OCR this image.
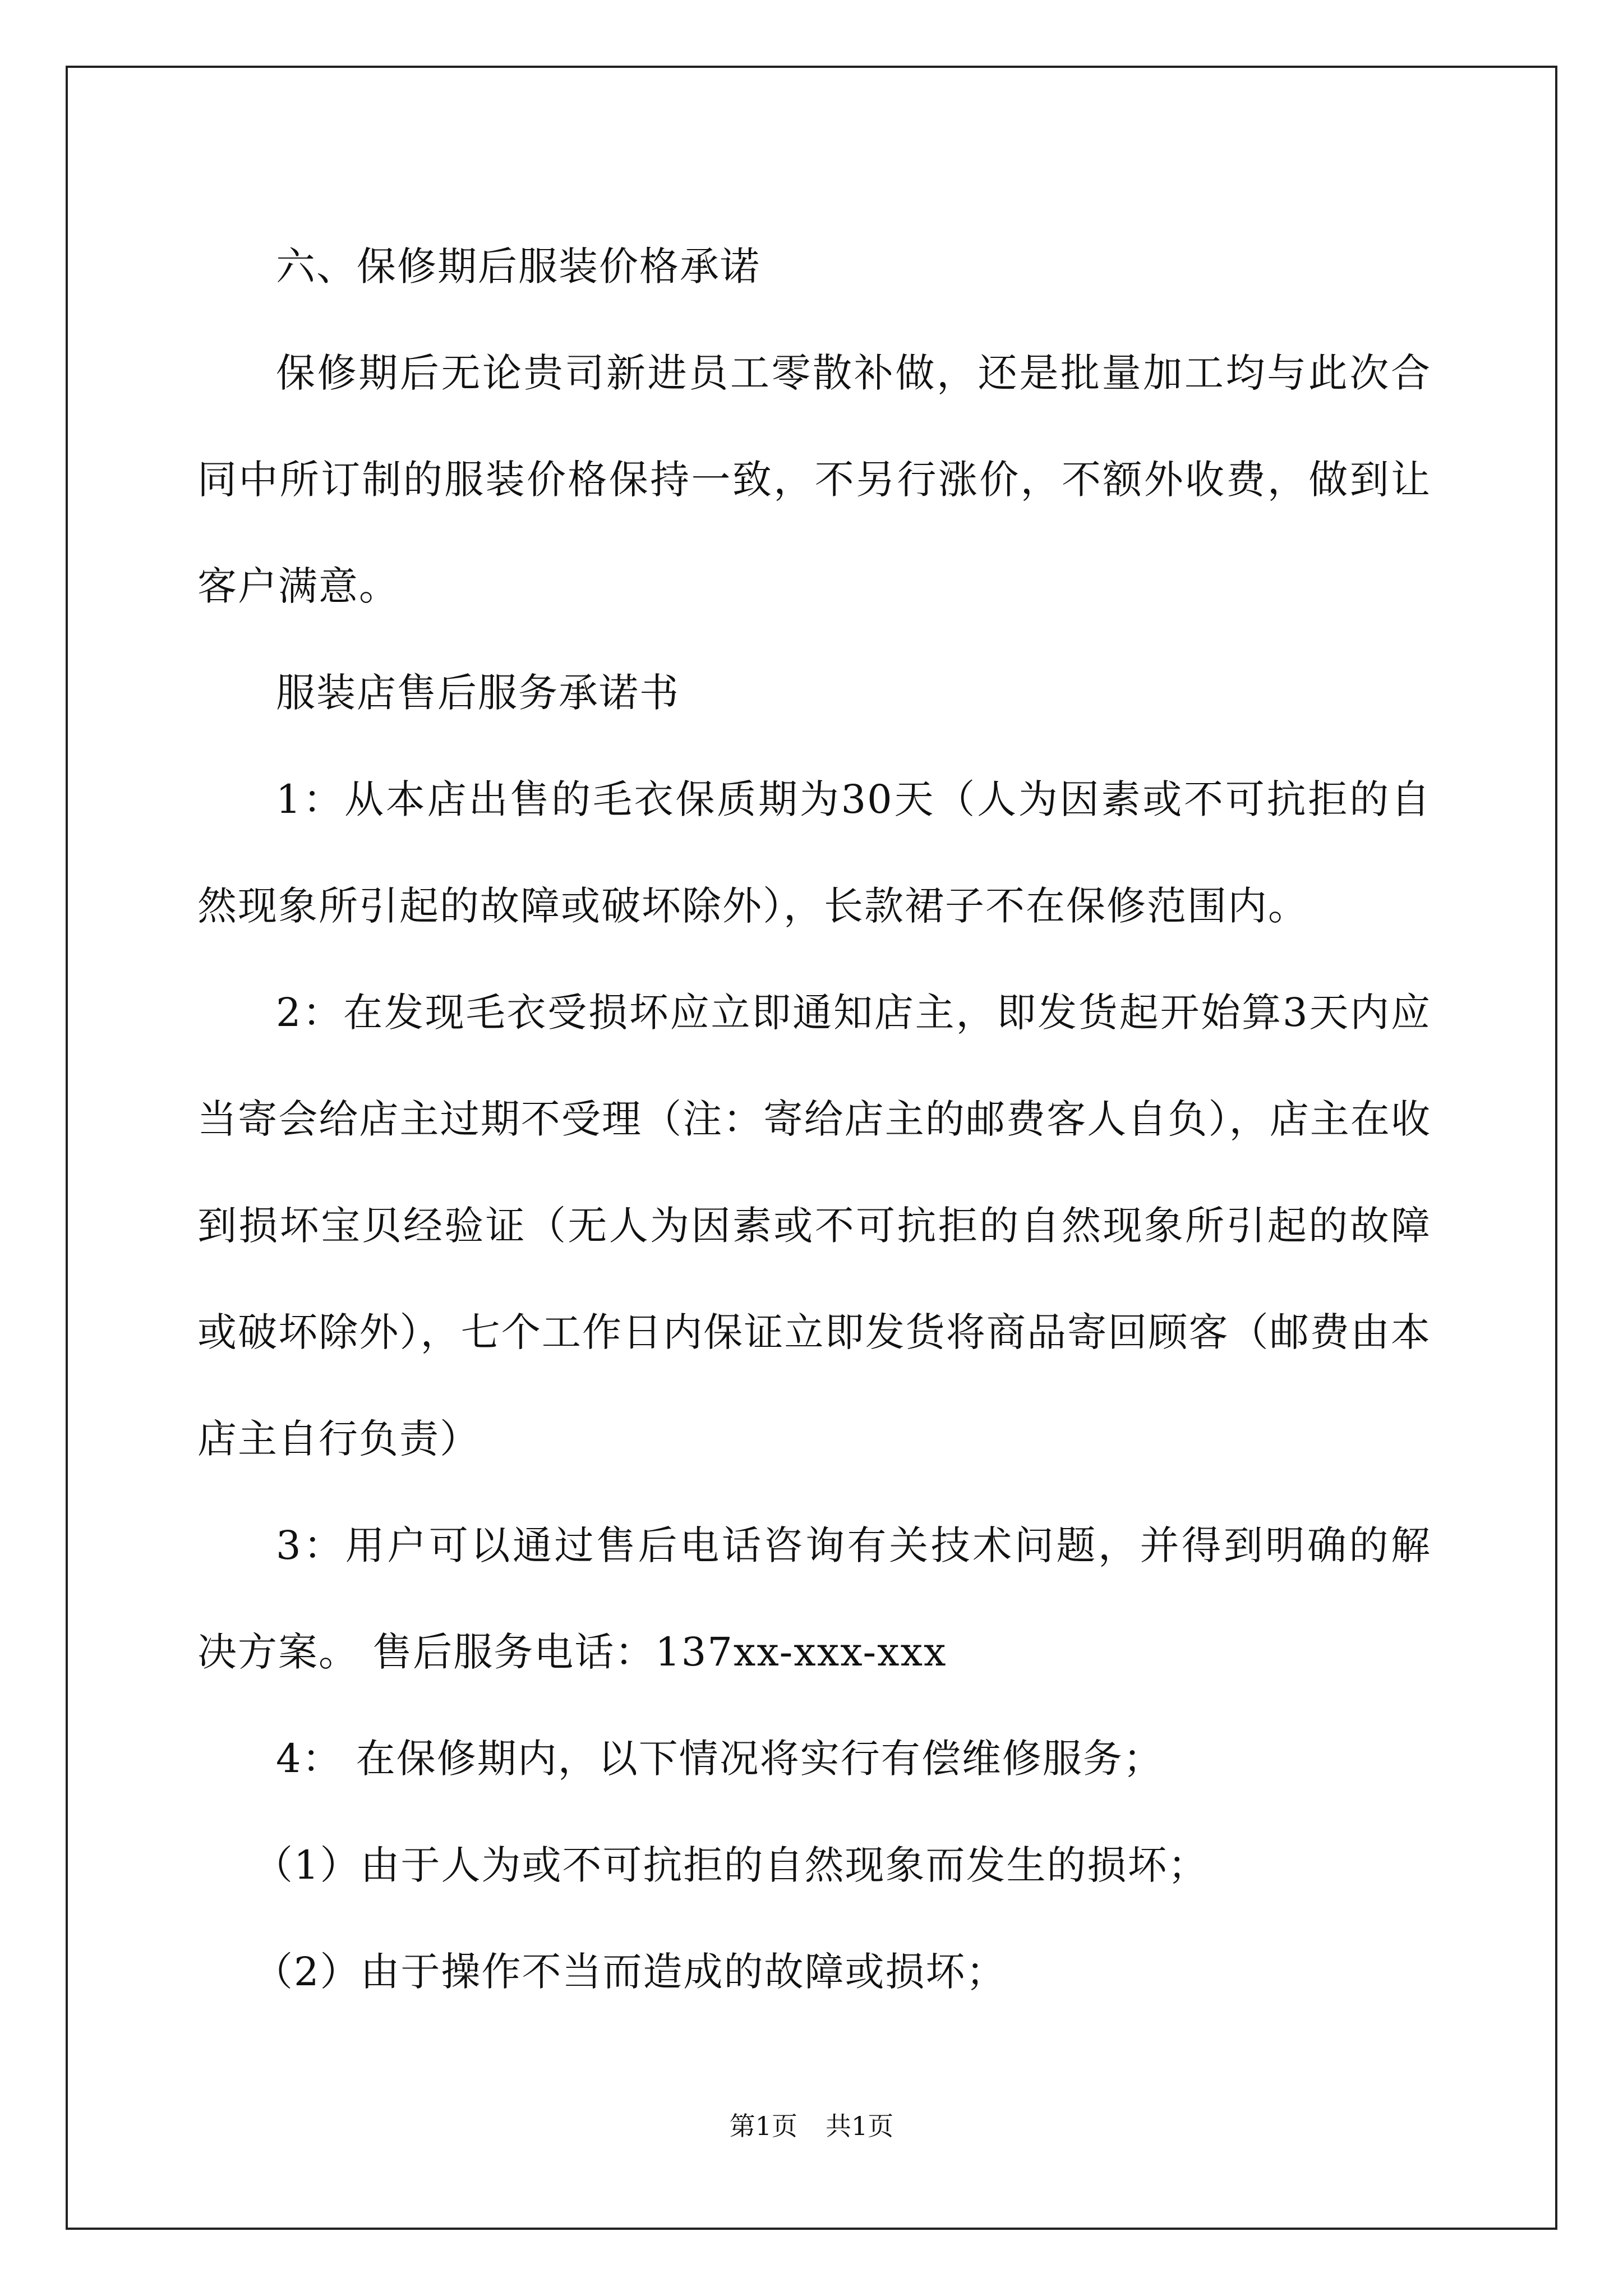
六、保修期后服装价格承诺

保修期后无论贵司新进员工零散补做，还是批量加工均与此次合同中所订制的服装价格保持一致，不另行涨价，不额外收费，做到让客户满意。

服装店售后服务承诺书

1：从本店出售的毛衣保质期为30天（人为因素或不可抗拒的自然现象所引起的故障或破坏除外），长款裙子不在保修范围内。

2：在发现毛衣受损坏应立即通知店主，即发货起开始算3天内应当寄会给店主过期不受理（注：寄给店主的邮费客人自负），店主在收到损坏宝贝经验证（无人为因素或不可抗拒的自然现象所引起的故障或破坏除外），七个工作日内保证立即发货将商品寄回顾客（邮费由本店主自行负责）

3：用户可以通过售后电话咨询有关技术问题，并得到明确的解决方案。 售后服务电话：137xx-xxx-xxx

4： 在保修期内，以下情况将实行有偿维修服务；

（1）由于人为或不可抗拒的自然现象而发生的损坏；

（2）由于操作不当而造成的故障或损坏；

第1页 共1页
